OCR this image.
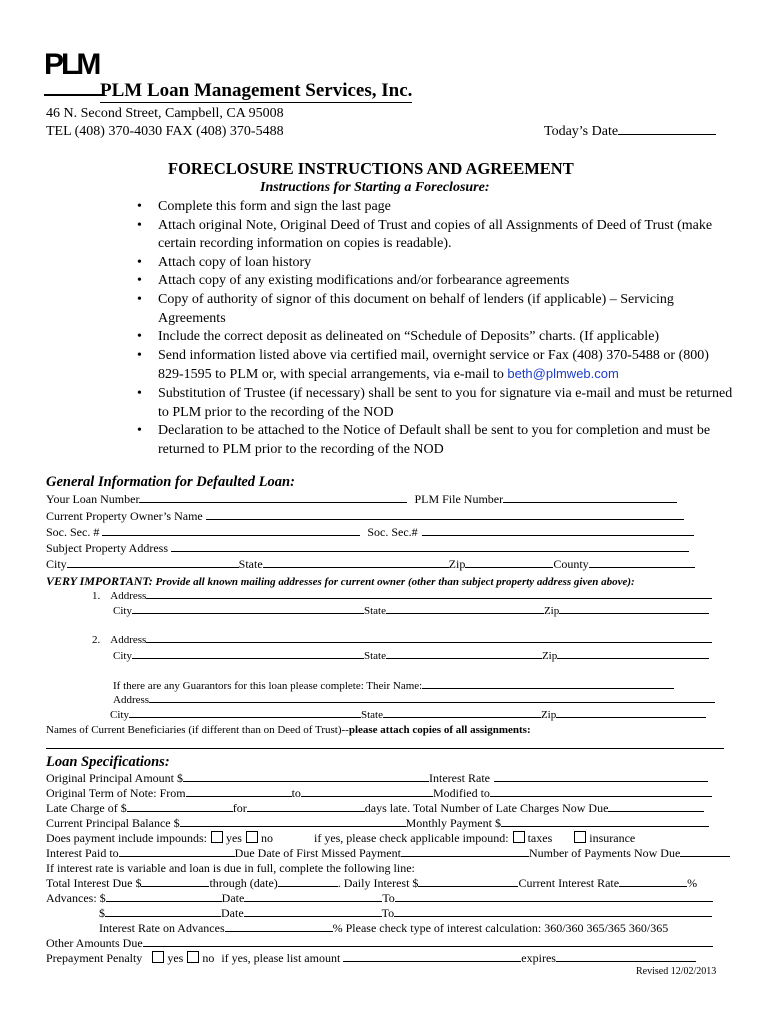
PLM
PLM Loan Management Services, Inc.
46 N. Second Street, Campbell, CA 95008
TEL (408) 370-4030 FAX (408) 370-5488	Today’s Date
FORECLOSURE INSTRUCTIONS AND AGREEMENT
Instructions for Starting a Foreclosure:
• Complete this form and sign the last page
• Attach original Note, Original Deed of Trust and copies of all Assignments of Deed of Trust (make certain recording information on copies is readable).
• Attach copy of loan history
• Attach copy of any existing modifications and/or forbearance agreements
• Copy of authority of signor of this document on behalf of lenders (if applicable) – Servicing Agreements
• Include the correct deposit as delineated on “Schedule of Deposits” charts. (If applicable)
• Send information listed above via certified mail, overnight service or Fax (408) 370-5488 or (800) 829-1595 to PLM or, with special arrangements, via e-mail to beth@plmweb.com
• Substitution of Trustee (if necessary) shall be sent to you for signature via e-mail and must be returned to PLM prior to the recording of the NOD
• Declaration to be attached to the Notice of Default shall be sent to you for completion and must be returned to PLM prior to the recording of the NOD
General Information for Defaulted Loan:
Your Loan Number	PLM File Number
Current Property Owner’s Name
Soc. Sec. #	Soc. Sec.#
Subject Property Address
City	State	Zip	County
VERY IMPORTANT: Provide all known mailing addresses for current owner (other than subject property address given above):
1. Address
City	State	Zip
2. Address
City	State	Zip
If there are any Guarantors for this loan please complete: Their Name:
Address
City	State	Zip
Names of Current Beneficiaries (if different than on Deed of Trust)--please attach copies of all assignments:
Loan Specifications:
Original Principal Amount $	Interest Rate
Original Term of Note: From	to	Modified to
Late Charge of $	for	days late. Total Number of Late Charges Now Due
Current Principal Balance $	Monthly Payment $
Does payment include impounds: yes no	if yes, please check applicable impound: taxes	insurance
Interest Paid to	Due Date of First Missed Payment	Number of Payments Now Due
If interest rate is variable and loan is due in full, complete the following line:
Total Interest Due $	through (date)	. Daily Interest $	Current Interest Rate	%
Advances: $	Date	To
$	Date	To
Interest Rate on Advances	% Please check type of interest calculation: 360/360 365/365 360/365
Other Amounts Due
Prepayment Penalty yes no if yes, please list amount	expires
Revised 12/02/2013
